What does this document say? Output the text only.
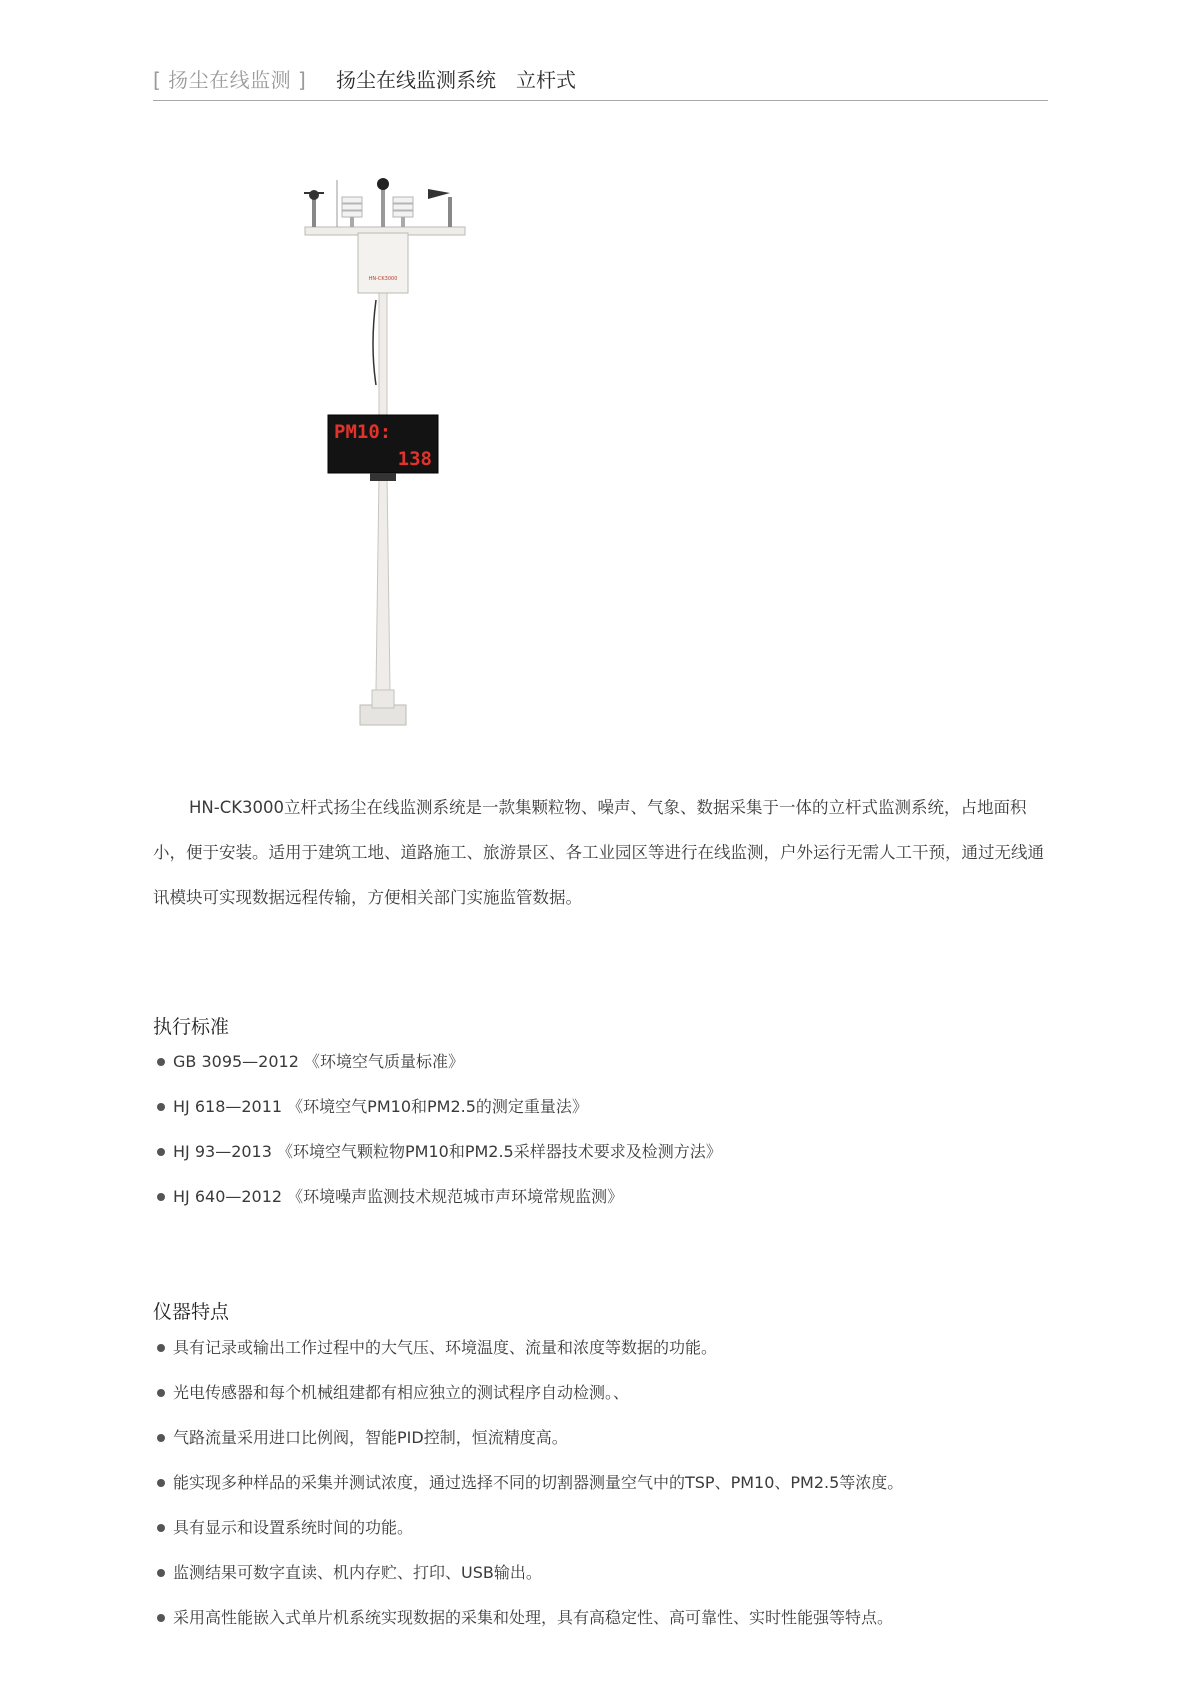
[ 扬尘在线监测 ] 扬尘在线监测系统　立杆式
HN-CK3000
PM10:
138

HN-CK3000立杆式扬尘在线监测系统是一款集颗粒物、噪声、气象、数据采集于一体的立杆式监测系统，占地面积小，便于安装。适用于建筑工地、道路施工、旅游景区、各工业园区等进行在线监测，户外运行无需人工干预，通过无线通讯模块可实现数据远程传输，方便相关部门实施监管数据。

执行标准
GB 3095—2012 《环境空气质量标准》
HJ 618—2011 《环境空气PM10和PM2.5的测定重量法》
HJ 93—2013 《环境空气颗粒物PM10和PM2.5采样器技术要求及检测方法》
HJ 640—2012 《环境噪声监测技术规范城市声环境常规监测》
仪器特点
具有记录或输出工作过程中的大气压、环境温度、流量和浓度等数据的功能。
光电传感器和每个机械组建都有相应独立的测试程序自动检测。、
气路流量采用进口比例阀，智能PID控制，恒流精度高。
能实现多种样品的采集并测试浓度，通过选择不同的切割器测量空气中的TSP、PM10、PM2.5等浓度。
具有显示和设置系统时间的功能。
监测结果可数字直读、机内存贮、打印、USB输出。
采用高性能嵌入式单片机系统实现数据的采集和处理，具有高稳定性、高可靠性、实时性能强等特点。
